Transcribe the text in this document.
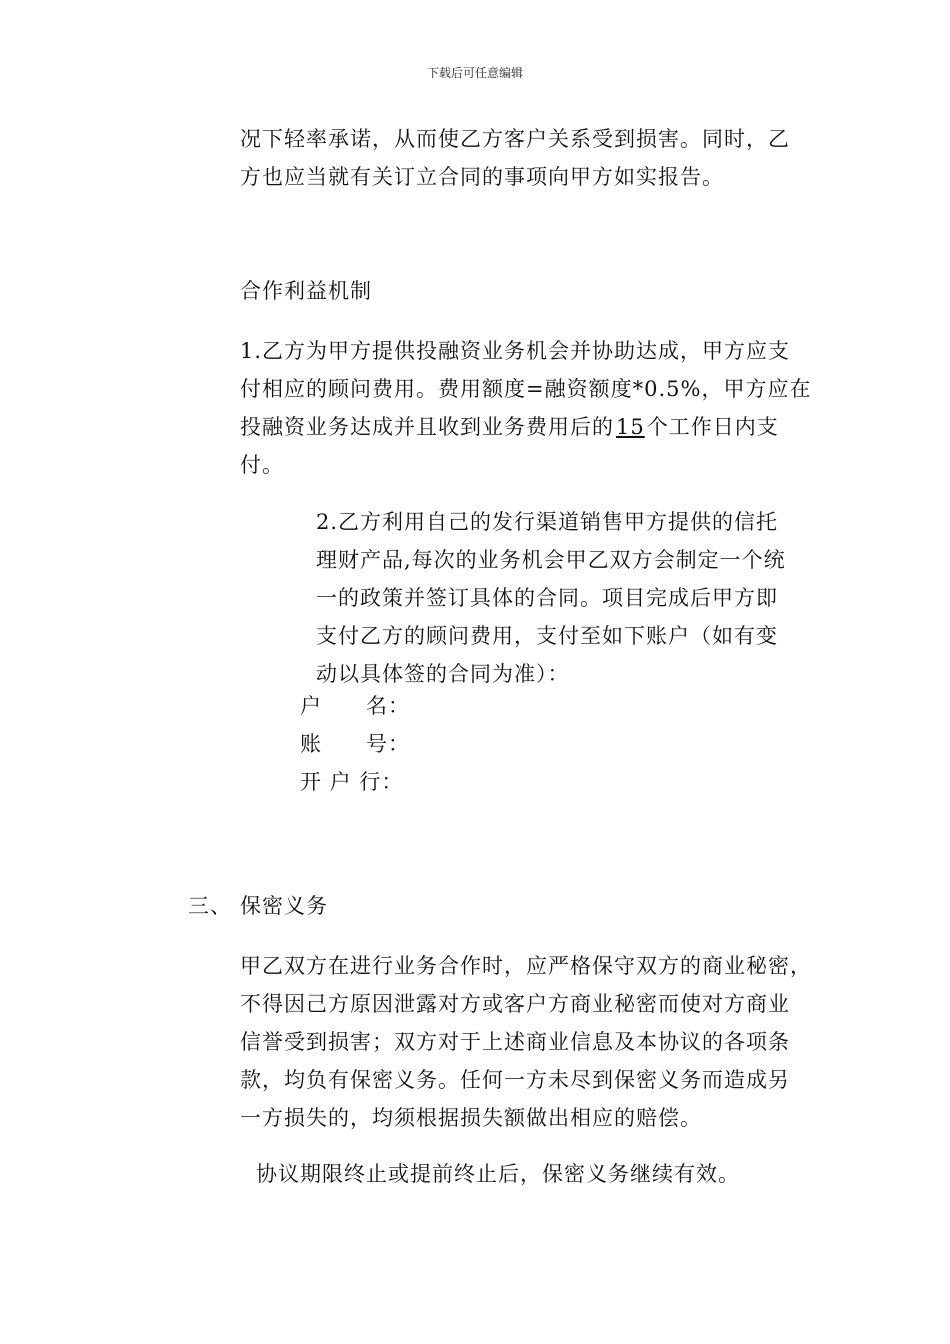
下载后可任意编辑
况下轻率承诺，从而使乙方客户关系受到损害。同时，乙
方也应当就有关订立合同的事项向甲方如实报告。
合作利益机制
1.乙方为甲方提供投融资业务机会并协助达成，甲方应支
付相应的顾问费用。费用额度=融资额度*0.5%，甲方应在
投融资业务达成并且收到业务费用后的15个工作日内支
付。
2.乙方利用自己的发行渠道销售甲方提供的信托
理财产品,每次的业务机会甲乙双方会制定一个统
一的政策并签订具体的合同。项目完成后甲方即
支付乙方的顾问费用，支付至如下账户（如有变
动以具体签的合同为准）：
户　　名：
账　　号：
开 户 行：
三、 保密义务
甲乙双方在进行业务合作时，应严格保守双方的商业秘密，
不得因己方原因泄露对方或客户方商业秘密而使对方商业
信誉受到损害；双方对于上述商业信息及本协议的各项条
款，均负有保密义务。任何一方未尽到保密义务而造成另
一方损失的，均须根据损失额做出相应的赔偿。
协议期限终止或提前终止后，保密义务继续有效。
